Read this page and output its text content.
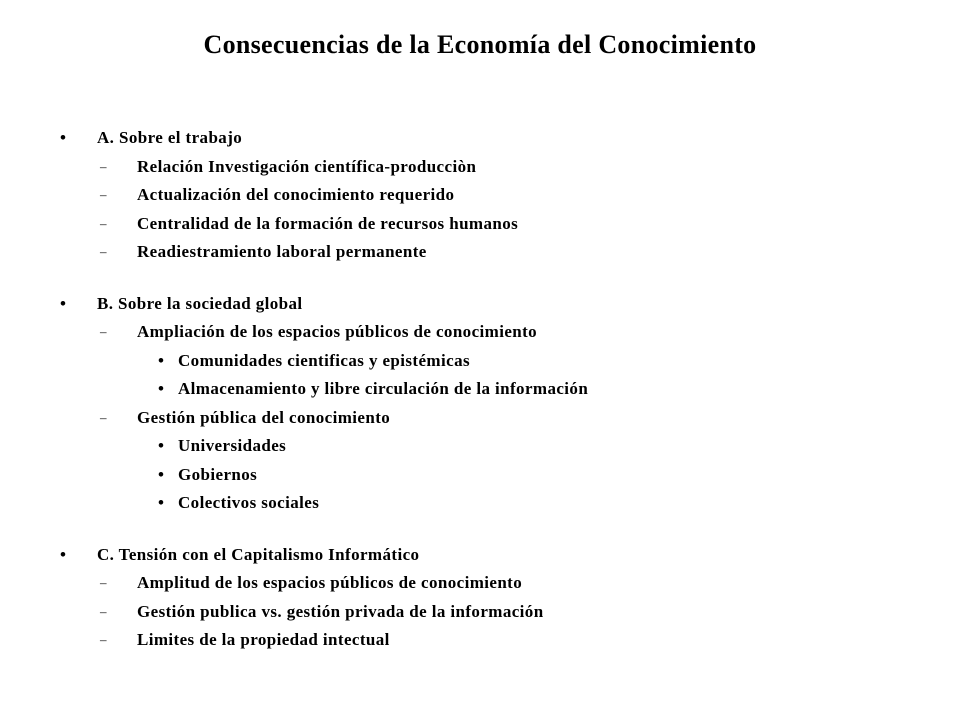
Consecuencias de la Economía del Conocimiento
• A. Sobre el trabajo
– Relación Investigación científica-producciòn
– Actualización del conocimiento requerido
– Centralidad de la formación de recursos humanos
– Readiestramiento laboral permanente
• B. Sobre la sociedad global
– Ampliación de los espacios públicos de conocimiento
• Comunidades cientificas y epistémicas
• Almacenamiento y libre circulación de la información
– Gestión pública del conocimiento
• Universidades
• Gobiernos
• Colectivos sociales
• C. Tensión con el Capitalismo Informático
– Amplitud de los espacios públicos de conocimiento
– Gestión publica vs. gestión privada de la información
– Limites de la propiedad intectual
